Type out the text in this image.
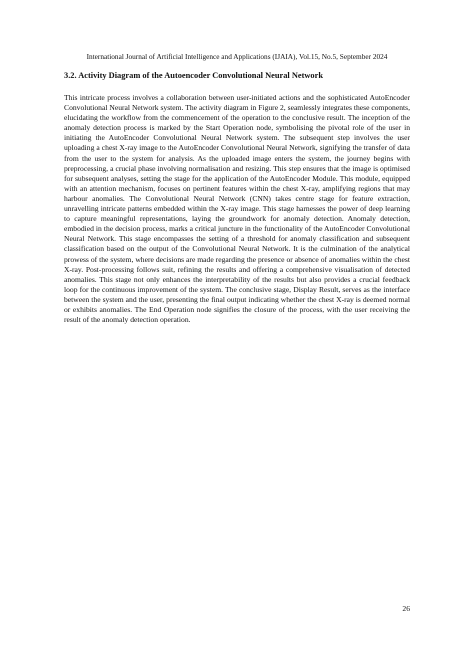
International Journal of Artificial Intelligence and Applications (IJAIA), Vol.15, No.5, September 2024
3.2. Activity Diagram of the Autoencoder Convolutional Neural Network

This intricate process involves a collaboration between user-initiated actions and the sophisticated AutoEncoder Convolutional Neural Network system. The activity diagram in Figure 2, seamlessly integrates these components, elucidating the workflow from the commencement of the operation to the conclusive result. The inception of the anomaly detection process is marked by the Start Operation node, symbolising the pivotal role of the user in initiating the AutoEncoder Convolutional Neural Network system. The subsequent step involves the user uploading a chest X-ray image to the AutoEncoder Convolutional Neural Network, signifying the transfer of data from the user to the system for analysis. As the uploaded image enters the system, the journey begins with preprocessing, a crucial phase involving normalisation and resizing. This step ensures that the image is optimised for subsequent analyses, setting the stage for the application of the AutoEncoder Module. This module, equipped with an attention mechanism, focuses on pertinent features within the chest X-ray, amplifying regions that may harbour anomalies. The Convolutional Neural Network (CNN) takes centre stage for feature extraction, unravelling intricate patterns embedded within the X-ray image. This stage harnesses the power of deep learning to capture meaningful representations, laying the groundwork for anomaly detection. Anomaly detection, embodied in the decision process, marks a critical juncture in the functionality of the AutoEncoder Convolutional Neural Network. This stage encompasses the setting of a threshold for anomaly classification and subsequent classification based on the output of the Convolutional Neural Network. It is the culmination of the analytical prowess of the system, where decisions are made regarding the presence or absence of anomalies within the chest X-ray. Post-processing follows suit, refining the results and offering a comprehensive visualisation of detected anomalies. This stage not only enhances the interpretability of the results but also provides a crucial feedback loop for the continuous improvement of the system. The conclusive stage, Display Result, serves as the interface between the system and the user, presenting the final output indicating whether the chest X-ray is deemed normal or exhibits anomalies. The End Operation node signifies the closure of the process, with the user receiving the result of the anomaly detection operation.

26
